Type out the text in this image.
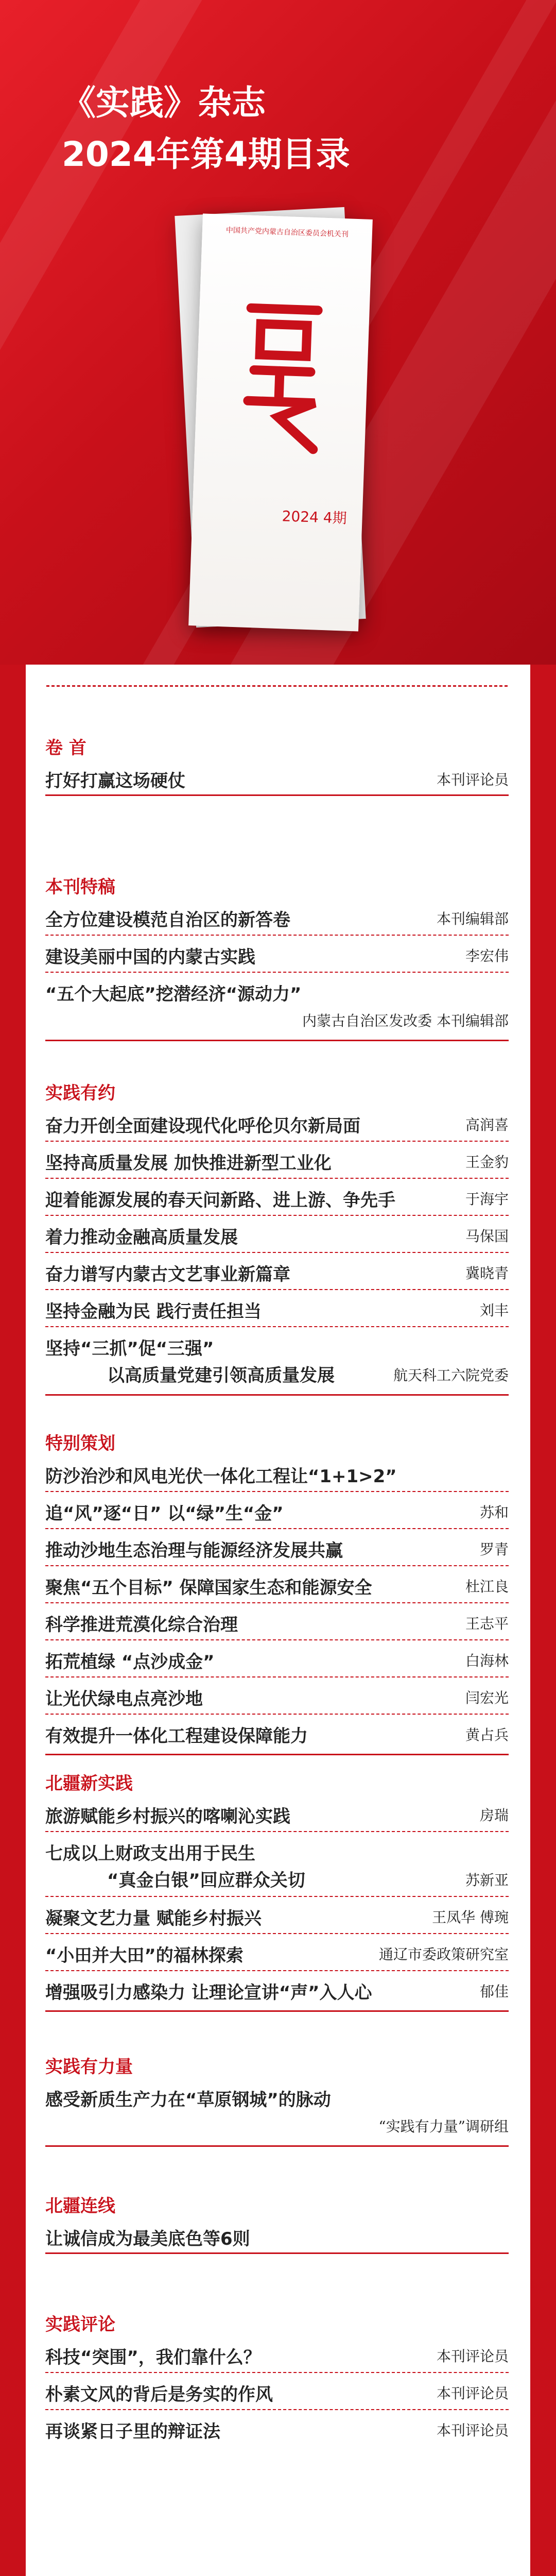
《实践》杂志
2024年第4期目录
中国共产党内蒙古自治区委员会机关刊
2024 4期
卷 首
打好打赢这场硬仗	本刊评论员
本刊特稿
全方位建设模范自治区的新答卷	本刊编辑部
建设美丽中国的内蒙古实践	李宏伟
“五个大起底”挖潜经济“源动力”
内蒙古自治区发改委 本刊编辑部
实践有约
奋力开创全面建设现代化呼伦贝尔新局面	高润喜
坚持高质量发展 加快推进新型工业化	王金豹
迎着能源发展的春天问新路、进上游、争先手	于海宇
着力推动金融高质量发展	马保国
奋力谱写内蒙古文艺事业新篇章	冀晓青
坚持金融为民 践行责任担当	刘丰
坚持“三抓”促“三强”
以高质量党建引领高质量发展	航天科工六院党委
特别策划
防沙治沙和风电光伏一体化工程让“1+1>2”
追“风”逐“日” 以“绿”生“金”	苏和
推动沙地生态治理与能源经济发展共赢	罗青
聚焦“五个目标” 保障国家生态和能源安全	杜江良
科学推进荒漠化综合治理	王志平
拓荒植绿 “点沙成金”	白海林
让光伏绿电点亮沙地	闫宏光
有效提升一体化工程建设保障能力	黄占兵
北疆新实践
旅游赋能乡村振兴的喀喇沁实践	房瑞
七成以上财政支出用于民生
“真金白银”回应群众关切	苏新亚
凝聚文艺力量 赋能乡村振兴	王凤华 傅琬
“小田并大田”的福林探索	通辽市委政策研究室
增强吸引力感染力 让理论宣讲“声”入人心	郁佳
实践有力量
感受新质生产力在“草原钢城”的脉动
“实践有力量”调研组
北疆连线
让诚信成为最美底色等6则
实践评论
科技“突围”，我们靠什么？	本刊评论员
朴素文风的背后是务实的作风	本刊评论员
再谈紧日子里的辩证法	本刊评论员
